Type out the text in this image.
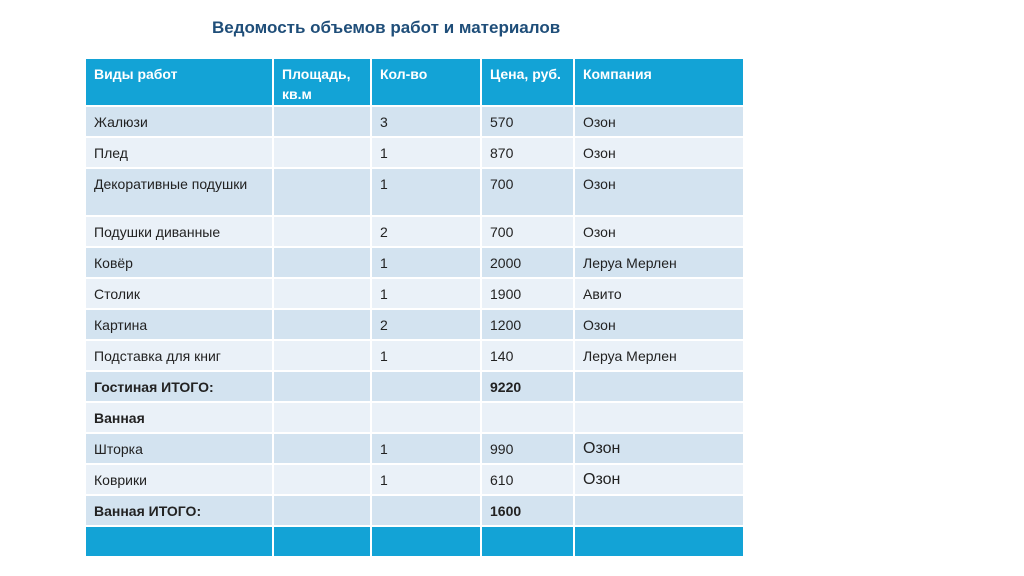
Ведомость объемов работ и материалов
Виды работ	Площадь, кв.м	Кол-во	Цена, руб.	Компания
Жалюзи		3	570	Озон
Плед		1	870	Озон
Декоративные подушки		1	700	Озон
Подушки диванные		2	700	Озон
Ковёр		1	2000	Леруа Мерлен
Столик		1	1900	Авито
Картина		2	1200	Озон
Подставка для книг		1	140	Леруа Мерлен
Гостиная ИТОГО:			9220	
Ванная				
Шторка		1	990	Озон
Коврики		1	610	Озон
Ванная ИТОГО:			1600	
